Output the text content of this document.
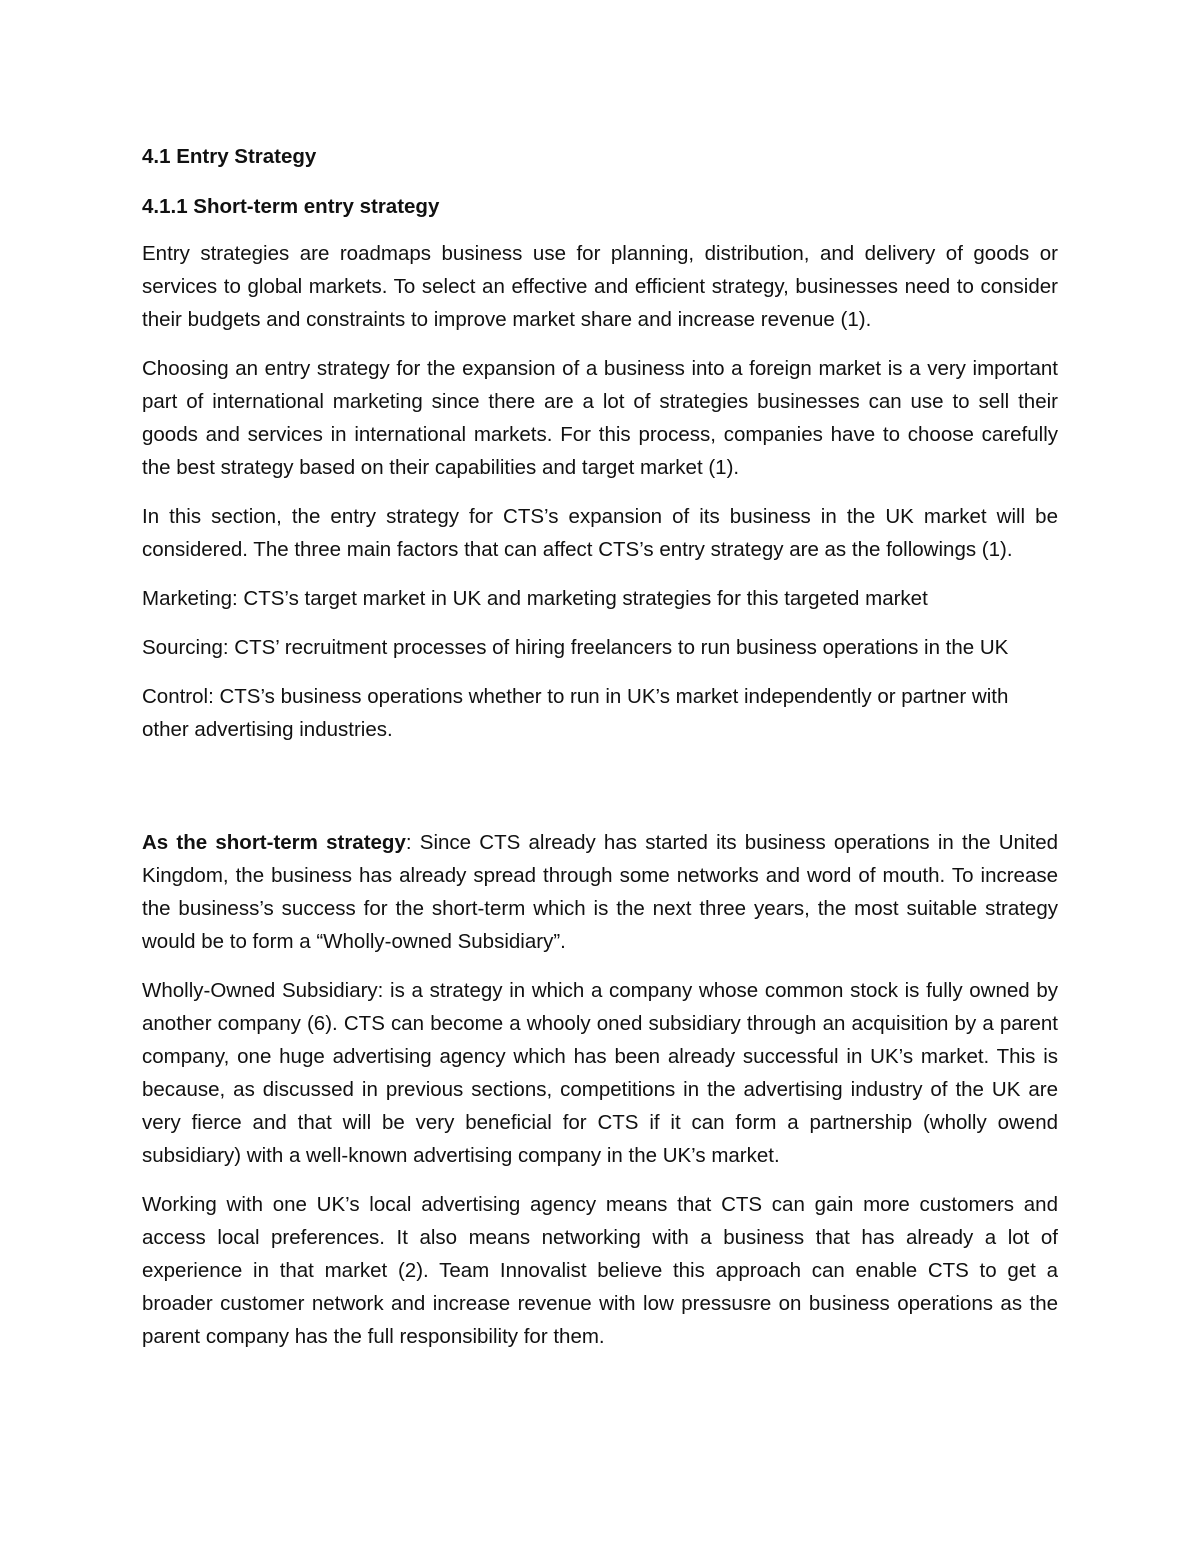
4.1 Entry Strategy
4.1.1 Short-term entry strategy

Entry strategies are roadmaps business use for planning, distribution, and delivery of goods or services to global markets. To select an effective and efficient strategy, businesses need to consider their budgets and constraints to improve market share and increase revenue (1).

Choosing an entry strategy for the expansion of a business into a foreign market is a very important part of international marketing since there are a lot of strategies businesses can use to sell their goods and services in international markets. For this process, companies have to choose carefully the best strategy based on their capabilities and target market (1).

In this section, the entry strategy for CTS’s expansion of its business in the UK market will be considered. The three main factors that can affect CTS’s entry strategy are as the followings (1).

Marketing: CTS’s target market in UK and marketing strategies for this targeted market

Sourcing: CTS’ recruitment processes of hiring freelancers to run business operations in the UK

Control: CTS’s business operations whether to run in UK’s market independently or partner with other advertising industries.

As the short-term strategy: Since CTS already has started its business operations in the United Kingdom, the business has already spread through some networks and word of mouth. To increase the business’s success for the short-term which is the next three years, the most suitable strategy would be to form a “Wholly-owned Subsidiary”.

Wholly-Owned Subsidiary: is a strategy in which a company whose common stock is fully owned by another company (6). CTS can become a whooly oned subsidiary through an acquisition by a parent company, one huge advertising agency which has been already successful in UK’s market. This is because, as discussed in previous sections, competitions in the advertising industry of the UK are very fierce and that will be very beneficial for CTS if it can form a partnership (wholly owend subsidiary) with a well-known advertising company in the UK’s market.

Working with one UK’s local advertising agency means that CTS can gain more customers and access local preferences. It also means networking with a business that has already a lot of experience in that market (2). Team Innovalist believe this approach can enable CTS to get a broader customer network and increase revenue with low pressusre on business operations as the parent company has the full responsibility for them.
